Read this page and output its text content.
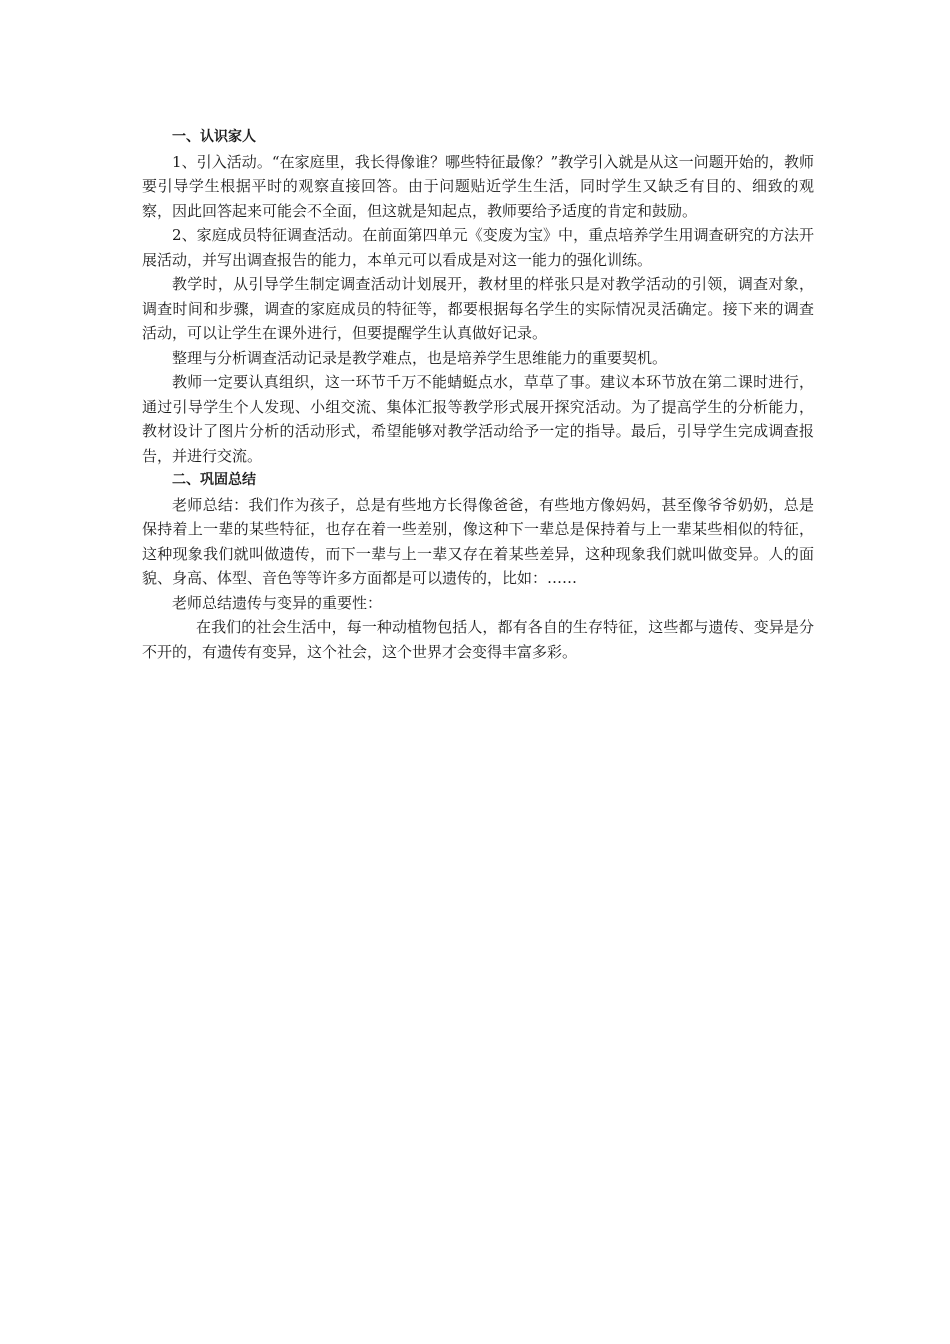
一、认识家人

1、引入活动。“在家庭里，我长得像谁？哪些特征最像？”教学引入就是从这一问题开始的，教师要引导学生根据平时的观察直接回答。由于问题贴近学生生活，同时学生又缺乏有目的、细致的观察，因此回答起来可能会不全面，但这就是知起点，教师要给予适度的肯定和鼓励。

2、家庭成员特征调查活动。在前面第四单元《变废为宝》中，重点培养学生用调查研究的方法开展活动，并写出调查报告的能力，本单元可以看成是对这一能力的强化训练。

教学时，从引导学生制定调查活动计划展开，教材里的样张只是对教学活动的引领，调查对象，调查时间和步骤，调查的家庭成员的特征等，都要根据每名学生的实际情况灵活确定。接下来的调查活动，可以让学生在课外进行，但要提醒学生认真做好记录。

整理与分析调查活动记录是教学难点，也是培养学生思维能力的重要契机。

教师一定要认真组织，这一环节千万不能蜻蜓点水，草草了事。建议本环节放在第二课时进行，通过引导学生个人发现、小组交流、集体汇报等教学形式展开探究活动。为了提高学生的分析能力，教材设计了图片分析的活动形式，希望能够对教学活动给予一定的指导。最后，引导学生完成调查报告，并进行交流。

二、巩固总结

老师总结：我们作为孩子，总是有些地方长得像爸爸，有些地方像妈妈，甚至像爷爷奶奶，总是保持着上一辈的某些特征，也存在着一些差别，像这种下一辈总是保持着与上一辈某些相似的特征，这种现象我们就叫做遗传，而下一辈与上一辈又存在着某些差异，这种现象我们就叫做变异。人的面貌、身高、体型、音色等等许多方面都是可以遗传的，比如：……

老师总结遗传与变异的重要性：

在我们的社会生活中，每一种动植物包括人，都有各自的生存特征，这些都与遗传、变异是分不开的，有遗传有变异，这个社会，这个世界才会变得丰富多彩。
